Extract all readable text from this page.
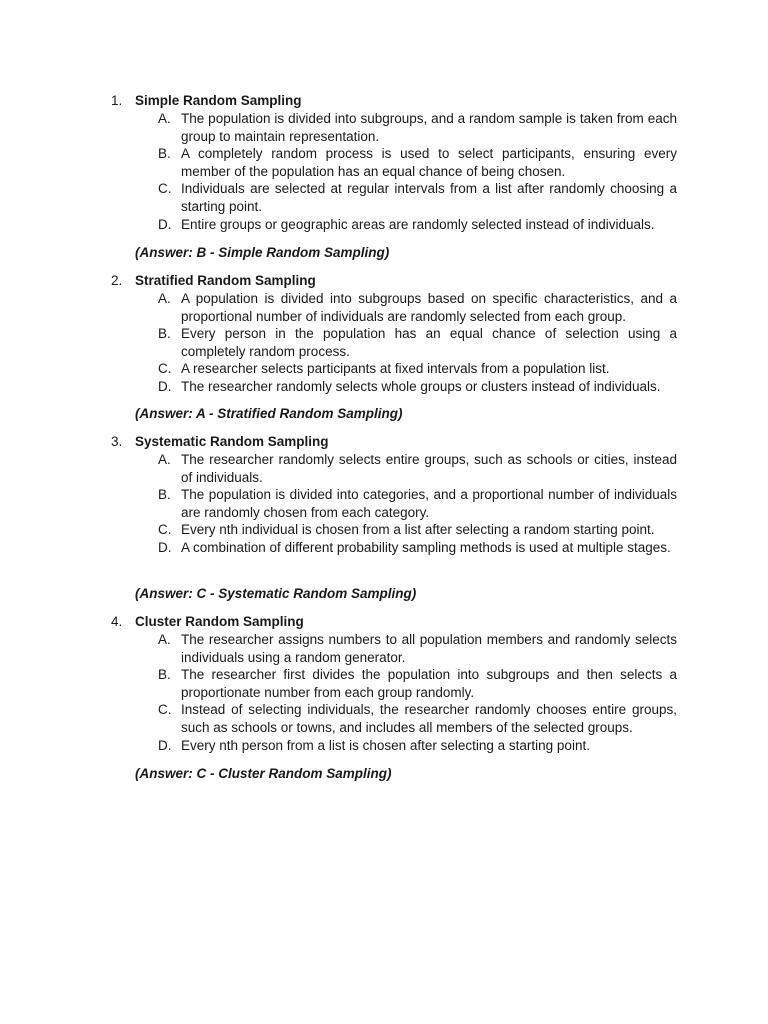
1. Simple Random Sampling
A. The population is divided into subgroups, and a random sample is taken from each group to maintain representation.
B. A completely random process is used to select participants, ensuring every member of the population has an equal chance of being chosen.
C. Individuals are selected at regular intervals from a list after randomly choosing a starting point.
D. Entire groups or geographic areas are randomly selected instead of individuals.
(Answer: B - Simple Random Sampling)
2. Stratified Random Sampling
A. A population is divided into subgroups based on specific characteristics, and a proportional number of individuals are randomly selected from each group.
B. Every person in the population has an equal chance of selection using a completely random process.
C. A researcher selects participants at fixed intervals from a population list.
D. The researcher randomly selects whole groups or clusters instead of individuals.
(Answer: A - Stratified Random Sampling)
3. Systematic Random Sampling
A. The researcher randomly selects entire groups, such as schools or cities, instead of individuals.
B. The population is divided into categories, and a proportional number of individuals are randomly chosen from each category.
C. Every nth individual is chosen from a list after selecting a random starting point.
D. A combination of different probability sampling methods is used at multiple stages.
(Answer: C - Systematic Random Sampling)
4. Cluster Random Sampling
A. The researcher assigns numbers to all population members and randomly selects individuals using a random generator.
B. The researcher first divides the population into subgroups and then selects a proportionate number from each group randomly.
C. Instead of selecting individuals, the researcher randomly chooses entire groups, such as schools or towns, and includes all members of the selected groups.
D. Every nth person from a list is chosen after selecting a starting point.
(Answer: C - Cluster Random Sampling)
